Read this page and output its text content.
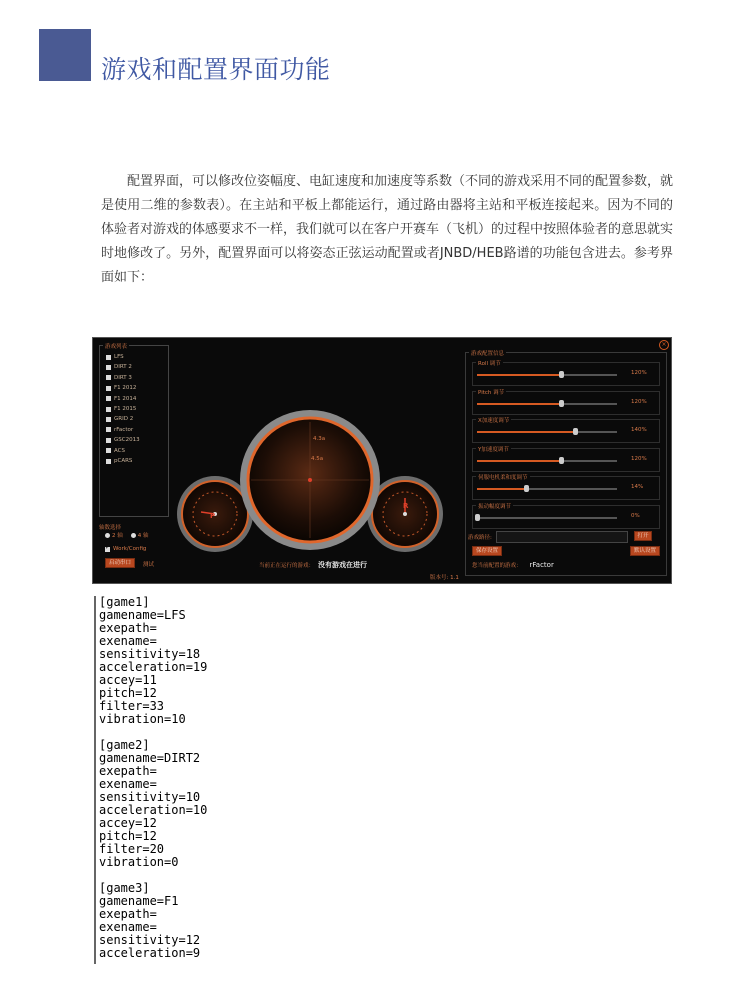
游戏和配置界面功能

配置界面，可以修改位姿幅度、电缸速度和加速度等系数（不同的游戏采用不同的配置参数，就是使用二维的参数表）。在主站和平板上都能运行，通过路由器将主站和平板连接起来。因为不同的体验者对游戏的体感要求不一样，我们就可以在客户开赛车（飞机）的过程中按照体验者的意思就实时地修改了。另外，配置界面可以将姿态正弦运动配置或者JNBD/HEB路谱的功能包含进去。参考界面如下：

游戏列表
LFS
DIRT 2
DIRT 3
F1 2012
F1 2014
F1 2015
GRID 2
rFactor
GSC2013
ACS
pCARS
轴数选择
2 轴	4 轴
✓
Work/Config
启动串口	测试
4.3a
4.5a
P
R
当前正在运行的游戏： 没有游戏在进行
版本号: 1.1
×
游戏配置信息
Roll 调节
120%
Pitch 调节
120%
X加速度调节
140%
Y加速度调节
120%
伺服电机柔和度调节
14%
振动幅度调节
0%
游戏路径:	打开
保存设置	默认设置
您当前配置的游戏： rFactor
[game1]
gamename=LFS
exepath=
exename=
sensitivity=18
acceleration=19
accey=11
pitch=12
filter=33
vibration=10
[game2]
gamename=DIRT2
exepath=
exename=
sensitivity=10
acceleration=10
accey=12
pitch=12
filter=20
vibration=0
[game3]
gamename=F1
exepath=
exename=
sensitivity=12
acceleration=9
